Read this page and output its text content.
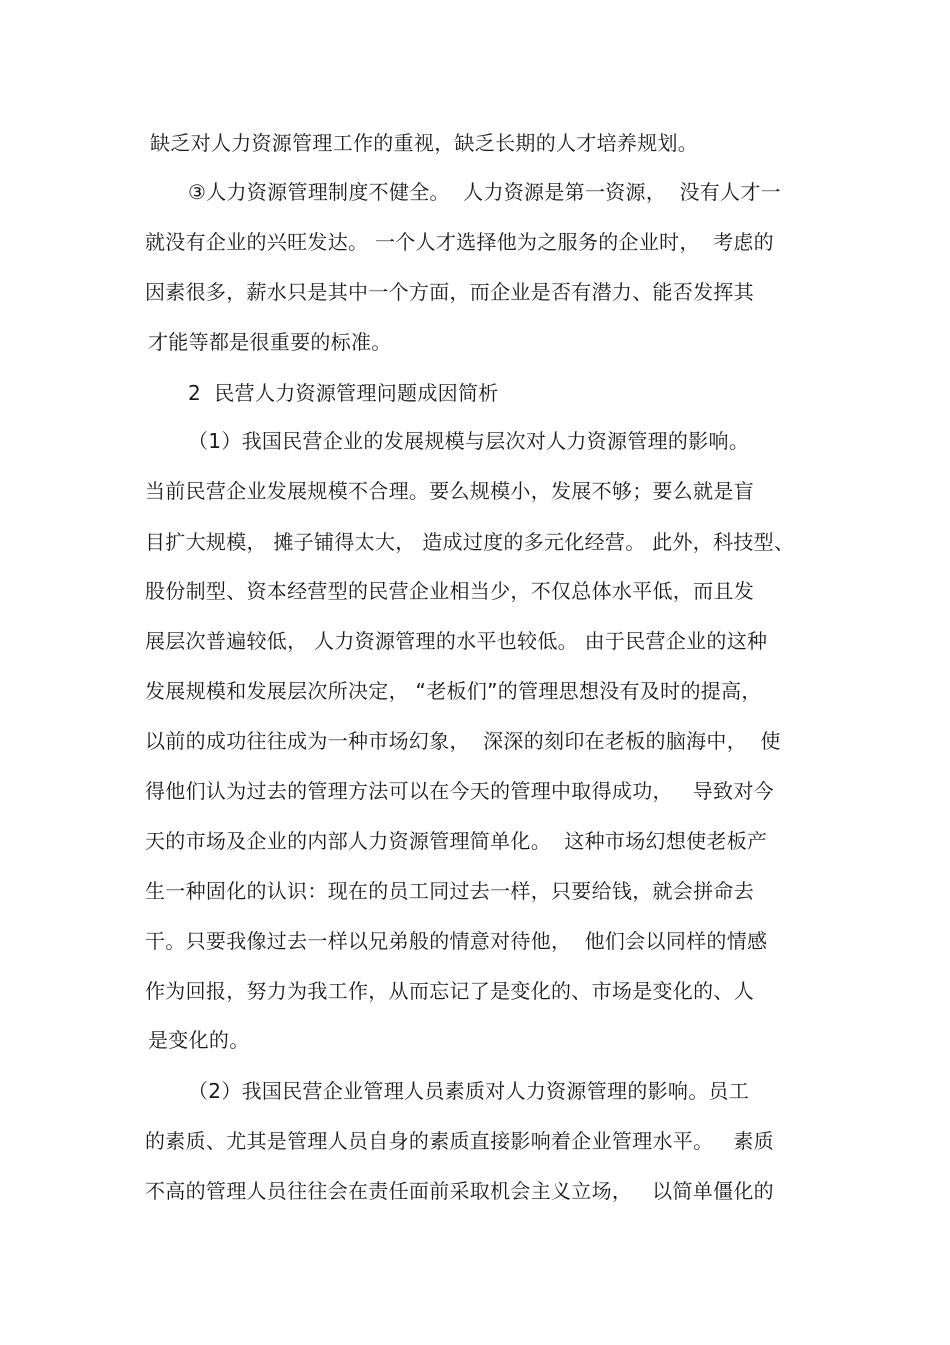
缺乏对人力资源管理工作的重视，缺乏长期的人才培养规划。
③人力资源管理制度不健全。  人力资源是第一资源，  没有人才一
就没有企业的兴旺发达。 一个人才选择他为之服务的企业时，  考虑的
因素很多，薪水只是其中一个方面，而企业是否有潜力、能否发挥其
才能等都是很重要的标准。
2  民营人力资源管理问题成因简析
（1）我国民营企业的发展规模与层次对人力资源管理的影响。
当前民营企业发展规模不合理。要么规模小，发展不够；要么就是盲
目扩大规模， 摊子铺得太大， 造成过度的多元化经营。 此外，科技型、
股份制型、资本经营型的民营企业相当少，不仅总体水平低，而且发
展层次普遍较低， 人力资源管理的水平也较低。 由于民营企业的这种
发展规模和发展层次所决定， “老板们”的管理思想没有及时的提高，
以前的成功往往成为一种市场幻象，  深深的刻印在老板的脑海中，  使
得他们认为过去的管理方法可以在今天的管理中取得成功，   导致对今
天的市场及企业的内部人力资源管理简单化。  这种市场幻想使老板产
生一种固化的认识：现在的员工同过去一样，只要给钱，就会拼命去
干。只要我像过去一样以兄弟般的情意对待他，  他们会以同样的情感
作为回报，努力为我工作，从而忘记了是变化的、市场是变化的、人
是变化的。
（2）我国民营企业管理人员素质对人力资源管理的影响。员工
的素质、尤其是管理人员自身的素质直接影响着企业管理水平。   素质
不高的管理人员往往会在责任面前采取机会主义立场，   以简单僵化的
